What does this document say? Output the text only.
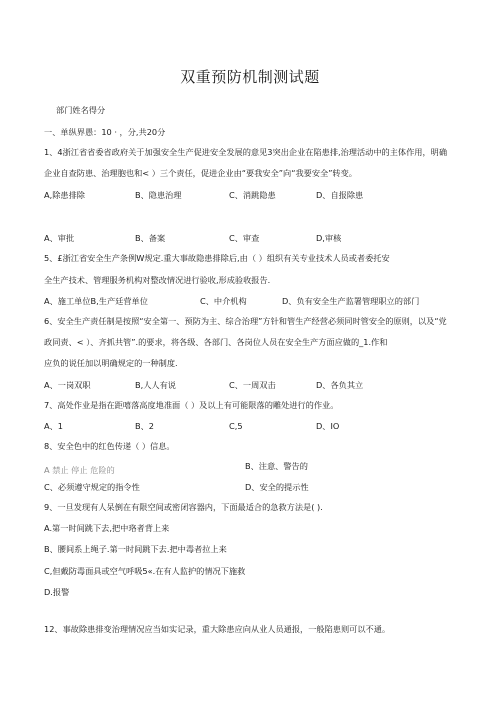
双重预防机制测试题
部门姓名得分
一、单纵界愚：10 · ，分,共20分
1、4浙江省省委省政府关于加强安全生产促进安全发展的意见3突出企业在陷患排,治理活动中的主体作用，明确
企业自查防患、治理胞也和< ）三个责任，促进企业由“要我安全”向“我要安全”转变。
A,除患排除	B、隐患治理	C、消跳隐患	D、自报除患
A、审批	B、备案	C、审查	D,审核
5、£浙江省安全生产条例W规定.重大事故隐患排除后,由（ ）组织有关专业技术人员或者委托安
全生产技术、管理服务机构对整改情况进行验收,形成验收报告.
A、施工单位B,生产廷营单位	C、中介机构	D、负有安全生产监署管理职立的部门
6、安全生产责任制是按照“安全第一、预防为主、综合治理”方针和管生产经营必须同时管安全的原则，以及“党
政同责、< ）、齐抓共管”.的要求，将各级、各部门、各岗位人员在安全生产方面应做的_1.作和
应负的说任加以明确规定的一种制度.
A、一岗双职	B,人人有说	C、一周双击	D、各负其立
7、高处作业是指在距嘻落高度地准面（ ）及以上有可能限落的雕处进行的作业。
A、1	B、2	C,5	D、IO
8、安全色中的红色传递（ ）信息。
A 禁止 停止 危险的	B、注意、警告的
C、必须遵守规定的指令性	D、安全的提示性
9、一旦发现有人呆倒在有限空间或密闭容器内，下面最适合的急救方法是( ).
A.第一时间跳下去,把中珞者背上来
B、腰间系上绳子.第一时间跳下去.把中毒者拉上来
C,但戴防毒面具或空气呼吸5«.在有人监护的情况下施救
D.报警
12、事故除患排变治理情况应当如实记录，重大除患应向从业人员通报，一般陷患则可以不通。
